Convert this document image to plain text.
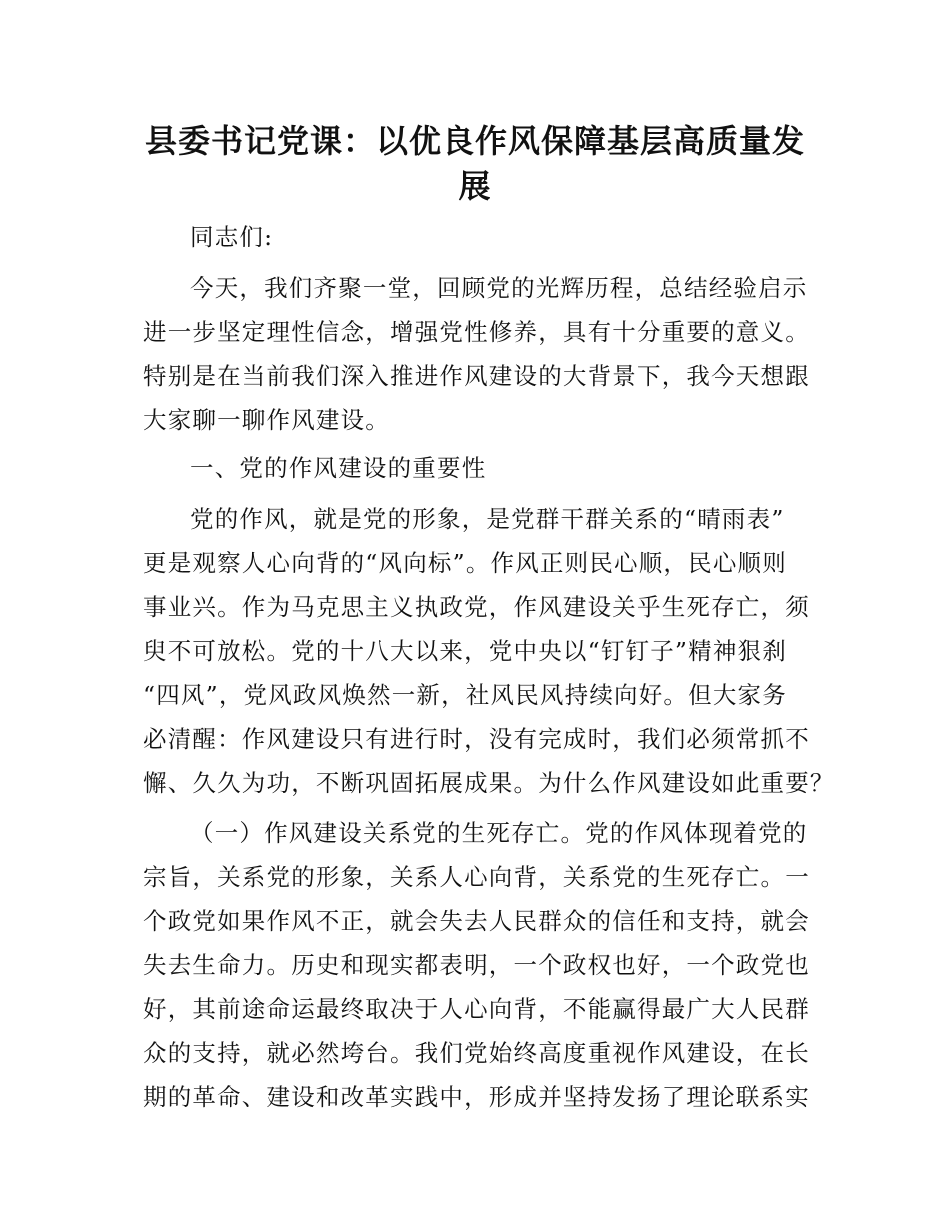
县委书记党课：以优良作风保障基层高质量发
展
同志们:
今天，我们齐聚一堂，回顾党的光辉历程，总结经验启示
进一步坚定理性信念，增强党性修养，具有十分重要的意义。
特别是在当前我们深入推进作风建设的大背景下，我今天想跟
大家聊一聊作风建设。
一、党的作风建设的重要性
党的作风，就是党的形象，是党群干群关系的“晴雨表”
更是观察人心向背的“风向标”。作风正则民心顺，民心顺则
事业兴。作为马克思主义执政党，作风建设关乎生死存亡，须
臾不可放松。党的十八大以来，党中央以“钉钉子”精神狠刹
“四风”，党风政风焕然一新，社风民风持续向好。但大家务
必清醒：作风建设只有进行时，没有完成时，我们必须常抓不
懈、久久为功，不断巩固拓展成果。为什么作风建设如此重要？
（一）作风建设关系党的生死存亡。党的作风体现着党的
宗旨，关系党的形象，关系人心向背，关系党的生死存亡。一
个政党如果作风不正，就会失去人民群众的信任和支持，就会
失去生命力。历史和现实都表明，一个政权也好，一个政党也
好，其前途命运最终取决于人心向背，不能赢得最广大人民群
众的支持，就必然垮台。我们党始终高度重视作风建设，在长
期的革命、建设和改革实践中，形成并坚持发扬了理论联系实
